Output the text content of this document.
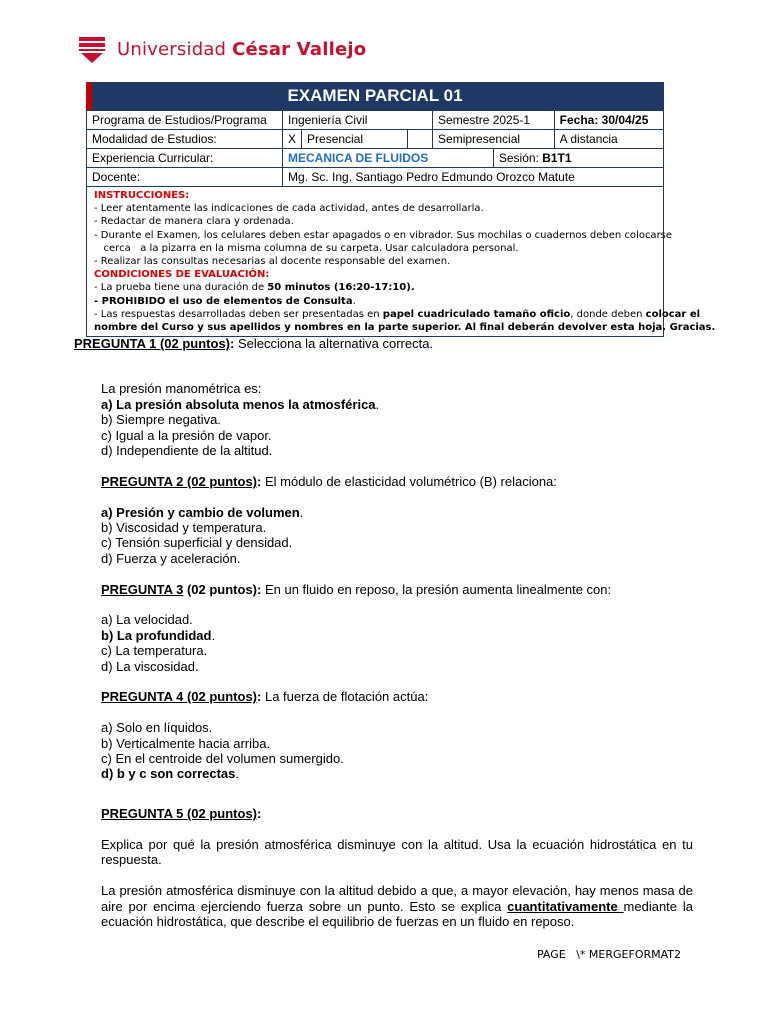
Universidad César Vallejo
EXAMEN PARCIAL 01
Programa de Estudios/Programa	Ingeniería Civil			Semestre 2025-1		Fecha: 30/04/25
Modalidad de Estudios:	X	Presencial		Semipresencial		A distancia
Experiencia Curricular:	MECANICA DE FLUIDOS				Sesión: B1T1	
Docente:	Mg. Sc. Ing. Santiago Pedro Edmundo Orozco Matute					
INSTRUCCIONES:
- Leer atentamente las indicaciones de cada actividad, antes de desarrollarla.
- Redactar de manera clara y ordenada.
- Durante el Examen, los celulares deben estar apagados o en vibrador. Sus mochilas o cuadernos deben colocarse
cerca   a la pizarra en la misma columna de su carpeta. Usar calculadora personal.
- Realizar las consultas necesarias al docente responsable del examen.
CONDICIONES DE EVALUACIÓN:
- La prueba tiene una duración de 50 minutos (16:20-17:10).
- PROHIBIDO el uso de elementos de Consulta.
- Las respuestas desarrolladas deben ser presentadas en papel cuadriculado tamaño oficio, donde deben colocar el
nombre del Curso y sus apellidos y nombres en la parte superior. Al final deberán devolver esta hoja. Gracias.
PREGUNTA 1 (02 puntos): Selecciona la alternativa correcta.

La presión manométrica es:

a) La presión absoluta menos la atmosférica.

b) Siempre negativa.

c) Igual a la presión de vapor.

d) Independiente de la altitud.

PREGUNTA 2 (02 puntos): El módulo de elasticidad volumétrico (B) relaciona:

a) Presión y cambio de volumen.

b) Viscosidad y temperatura.

c) Tensión superficial y densidad.

d) Fuerza y aceleración.

PREGUNTA 3 (02 puntos): En un fluido en reposo, la presión aumenta linealmente con:

a) La velocidad.

b) La profundidad.

c) La temperatura.

d) La viscosidad.

PREGUNTA 4 (02 puntos): La fuerza de flotación actúa:

a) Solo en líquidos.

b) Verticalmente hacia arriba.

c) En el centroide del volumen sumergido.

d) b y c son correctas.

PREGUNTA 5 (02 puntos):

Explica por qué la presión atmosférica disminuye con la altitud. Usa la ecuación hidrostática en tu respuesta.

La presión atmosférica disminuye con la altitud debido a que, a mayor elevación, hay menos masa de aire por encima ejerciendo fuerza sobre un punto. Esto se explica cuantitativamente mediante la ecuación hidrostática, que describe el equilibrio de fuerzas en un fluido en reposo.

PAGE   \* MERGEFORMAT2
